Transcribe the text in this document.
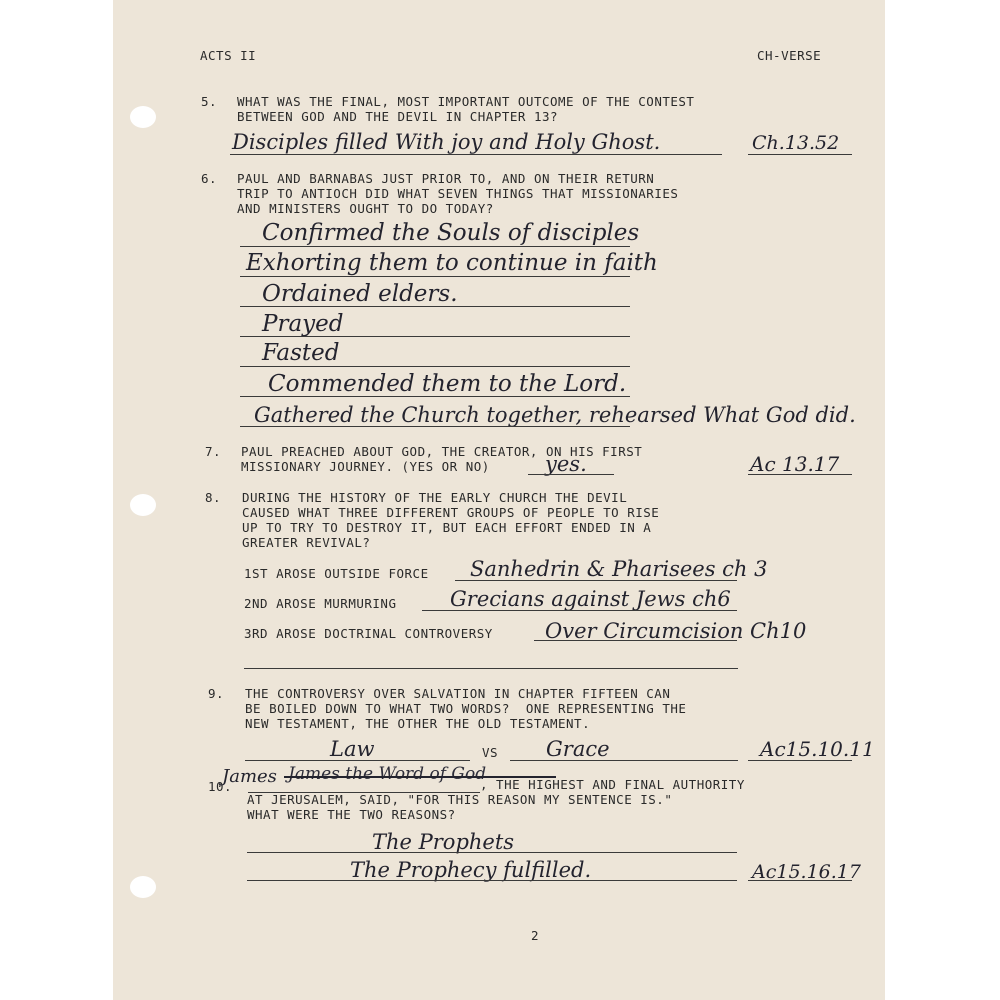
ACTS II	CH-VERSE
5. WHAT WAS THE FINAL, MOST IMPORTANT OUTCOME OF THE CONTEST
BETWEEN GOD AND THE DEVIL IN CHAPTER 13?
Disciples filled With joy and Holy Ghost.	Ch.13.52
6. PAUL AND BARNABAS JUST PRIOR TO, AND ON THEIR RETURN
TRIP TO ANTIOCH DID WHAT SEVEN THINGS THAT MISSIONARIES
AND MINISTERS OUGHT TO DO TODAY?
Confirmed the Souls of disciples
Exhorting them to continue in faith
Ordained elders.
Prayed
Fasted
Commended them to the Lord.
Gathered the Church together, rehearsed What God did.
7. PAUL PREACHED ABOUT GOD, THE CREATOR, ON HIS FIRST
MISSIONARY JOURNEY. (YES OR NO)	yes.	Ac 13.17
8. DURING THE HISTORY OF THE EARLY CHURCH THE DEVIL
CAUSED WHAT THREE DIFFERENT GROUPS OF PEOPLE TO RISE
UP TO TRY TO DESTROY IT, BUT EACH EFFORT ENDED IN A
GREATER REVIVAL?
1ST AROSE OUTSIDE FORCE Sanhedrin & Pharisees ch 3
2ND AROSE MURMURING	Grecians against Jews ch6
3RD AROSE DOCTRINAL CONTROVERSY Over Circumcision Ch10
9. THE CONTROVERSY OVER SALVATION IN CHAPTER FIFTEEN CAN
BE BOILED DOWN TO WHAT TWO WORDS?  ONE REPRESENTING THE
NEW TESTAMENT, THE OTHER THE OLD TESTAMENT.
Law	VS Grace	Ac15.10.11
10.
James James the Word of God
, THE HIGHEST AND FINAL AUTHORITY
AT JERUSALEM, SAID, "FOR THIS REASON MY SENTENCE IS."
WHAT WERE THE TWO REASONS?
The Prophets
The Prophecy fulfilled.	Ac15.16.17
2
